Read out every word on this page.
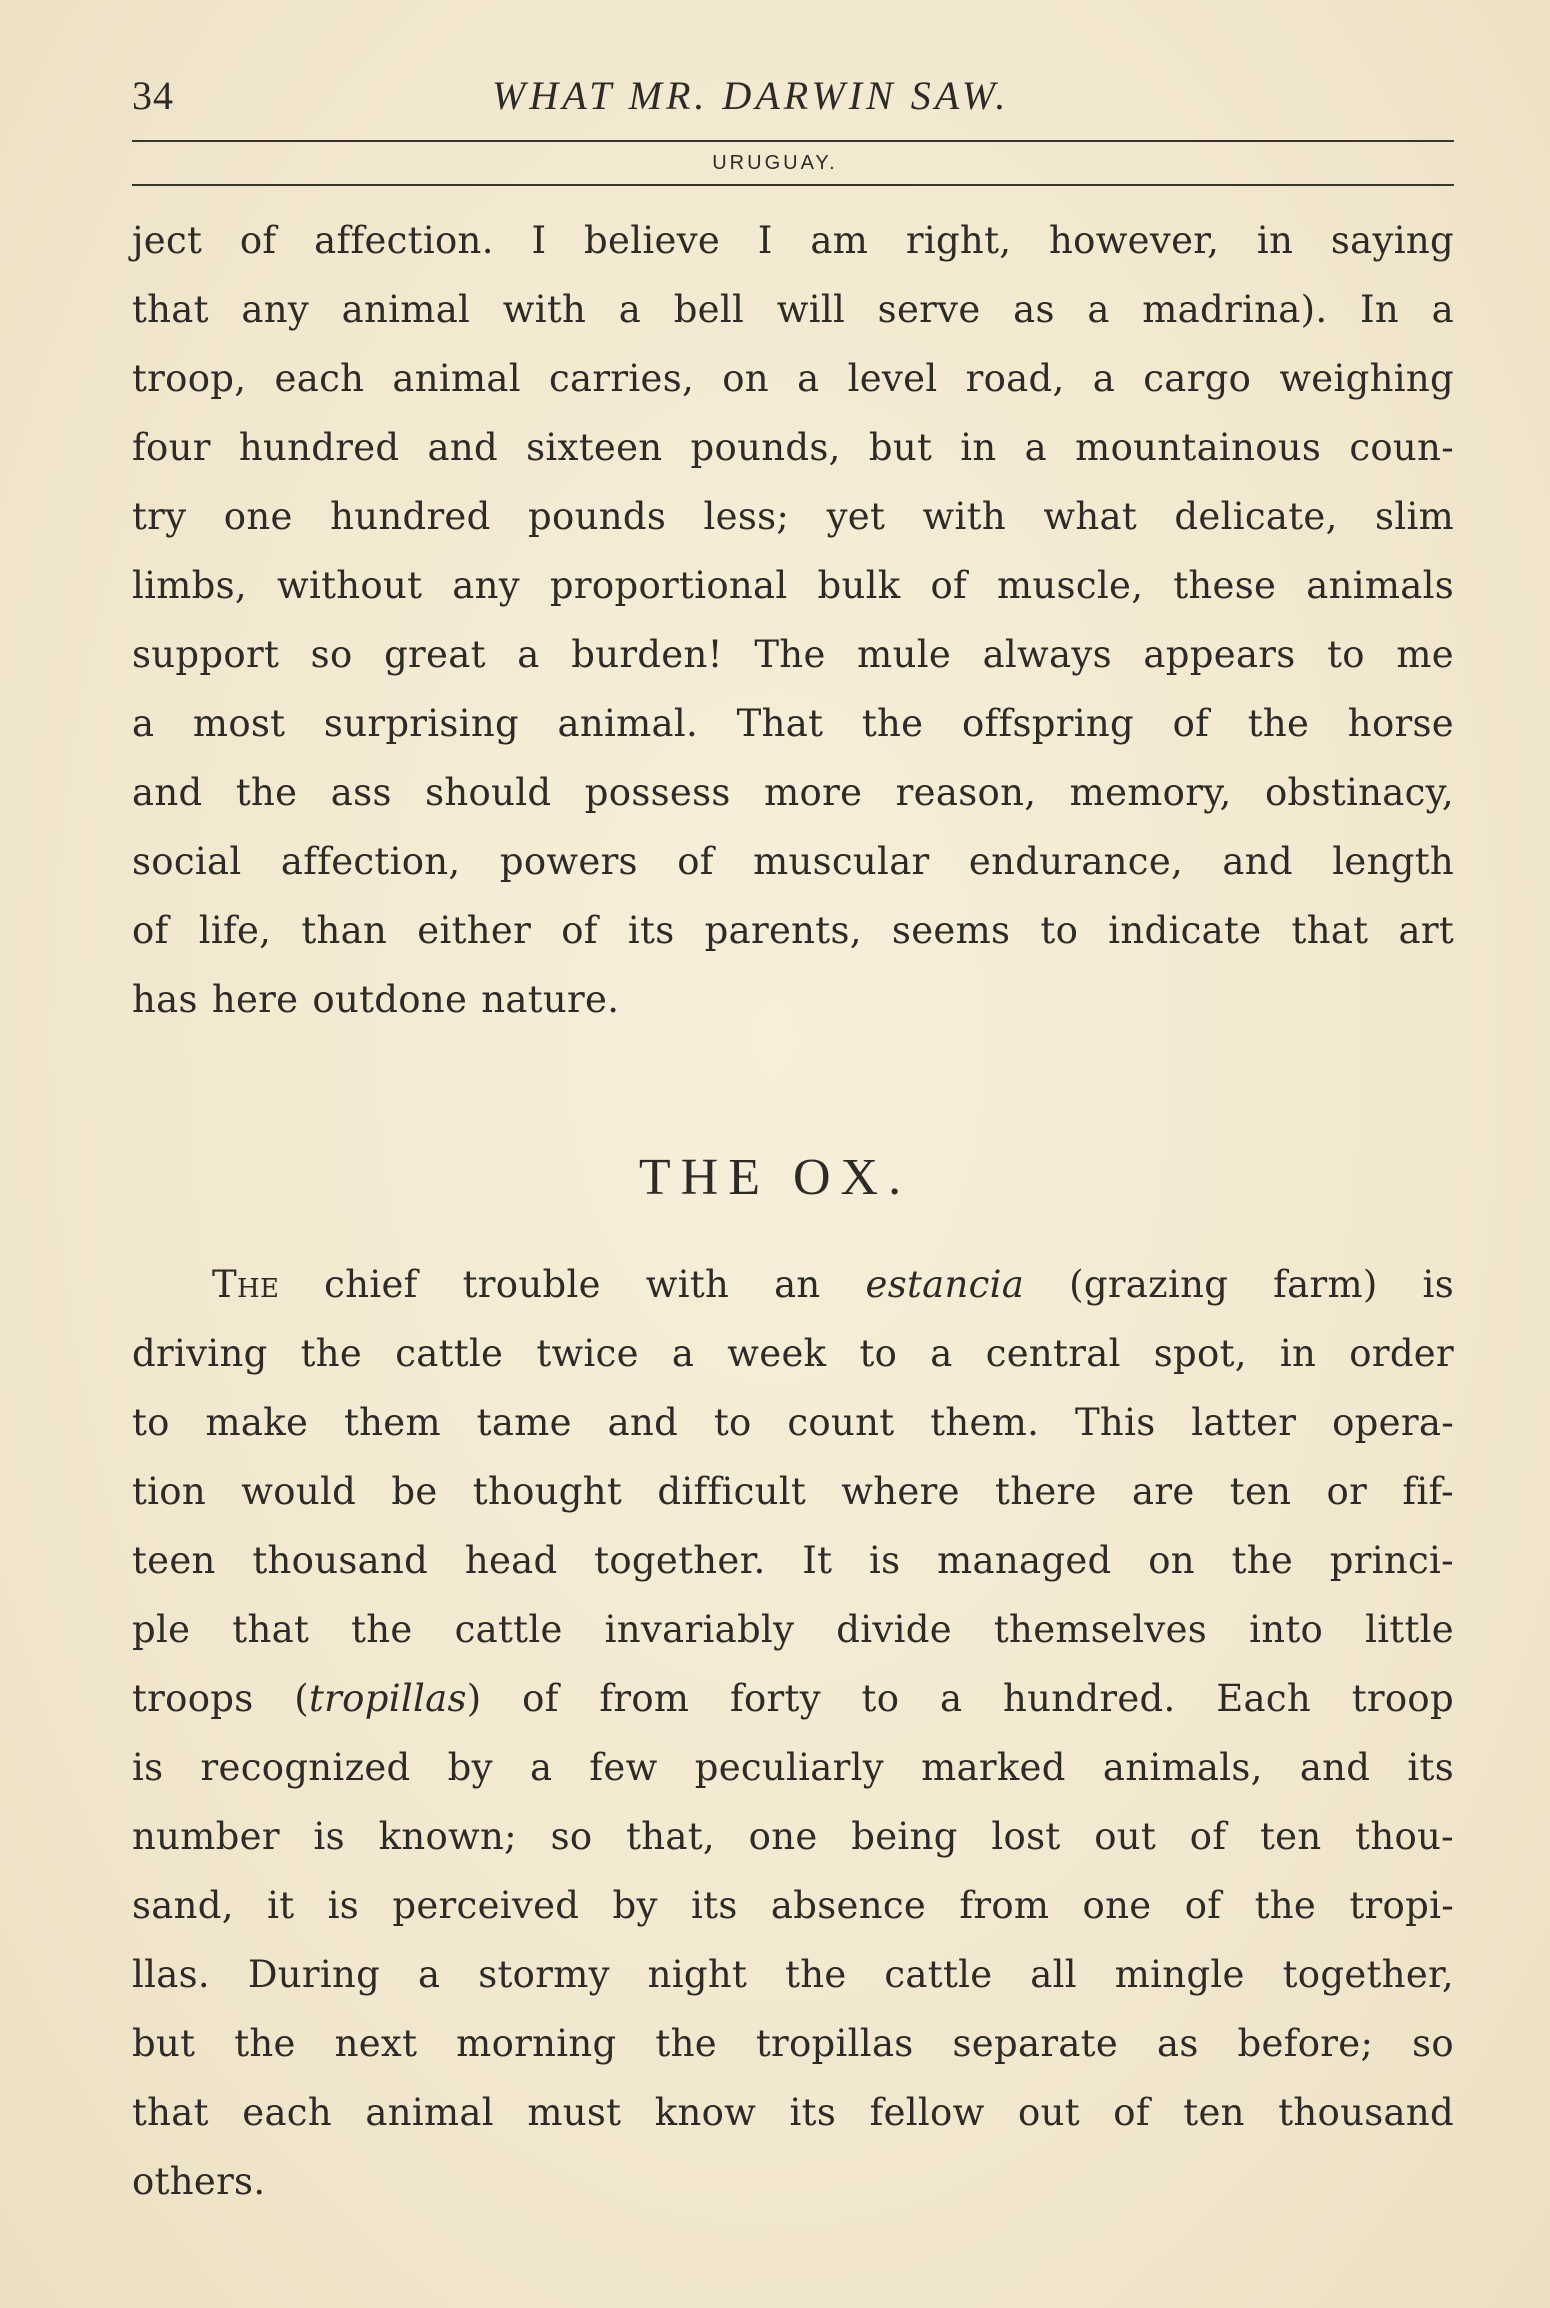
34	WHAT MR. DARWIN SAW.
URUGUAY.
ject of affection. I believe I am right, however, in saying
that any animal with a bell will serve as a madrina). In a
troop, each animal carries, on a level road, a cargo weighing
four hundred and sixteen pounds, but in a mountainous coun-
try one hundred pounds less; yet with what delicate, slim
limbs, without any proportional bulk of muscle, these animals
support so great a burden! The mule always appears to me
a most surprising animal. That the offspring of the horse
and the ass should possess more reason, memory, obstinacy,
social affection, powers of muscular endurance, and length
of life, than either of its parents, seems to indicate that art
has here outdone nature.
THE OX.
The chief trouble with an estancia (grazing farm) is
driving the cattle twice a week to a central spot, in order
to make them tame and to count them. This latter opera-
tion would be thought difficult where there are ten or fif-
teen thousand head together. It is managed on the princi-
ple that the cattle invariably divide themselves into little
troops (tropillas) of from forty to a hundred. Each troop
is recognized by a few peculiarly marked animals, and its
number is known; so that, one being lost out of ten thou-
sand, it is perceived by its absence from one of the tropi-
llas. During a stormy night the cattle all mingle together,
but the next morning the tropillas separate as before; so
that each animal must know its fellow out of ten thousand
others.
